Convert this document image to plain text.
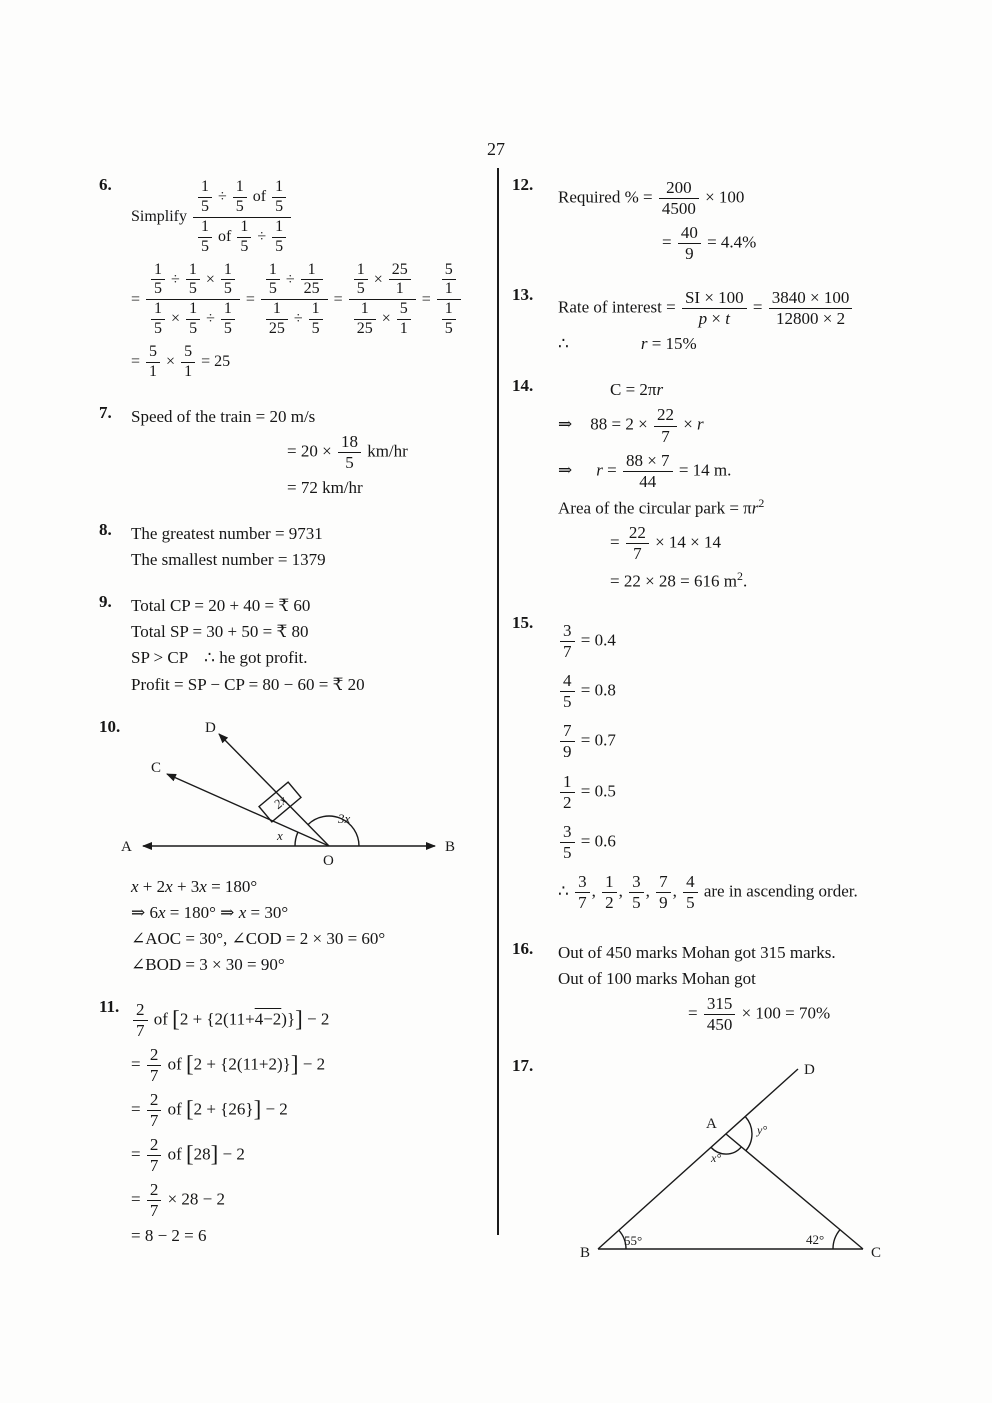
27
6.
Simplify $\frac{\frac{1}{5} \div \frac{1}{5} of \frac{1}{5}}{\frac{1}{5} of \frac{1}{5} \div \frac{1}{5}}$
= $\frac{\frac{1}{5} \div \frac{1}{5} \times \frac{1}{5}}{\frac{1}{5} \times \frac{1}{5} \div \frac{1}{5}} = \frac{\frac{1}{5} \div \frac{1}{25}}{\frac{1}{25} \div \frac{1}{5}} = \frac{\frac{1}{5} \times \frac{25}{1}}{\frac{1}{25} \times \frac{5}{1}} = \frac{\frac{5}{1}}{\frac{1}{5}}$
= $\frac{5}{1} \times \frac{5}{1} = 25$
7.	Speed of the train = 20 m/s
= $20 \times \frac{18}{5} km/hr$
= 72 km/hr
8.	The greatest number = 9731
The smallest number = 1379
9.	Total CP = 20 + 40 = ₹ 60
Total SP = 30 + 50 = ₹ 80
SP > CP ∴ he got profit.
Profit = SP − CP = 80 − 60 = ₹ 20
10.
A	B
C
D
O
x
3x
2x
x + 2x + 3x = 180°
⇒ 6x = 180° ⇒ x = 30°
∠AOC = 30°, ∠COD = 2 × 30 = 60°
∠BOD = 3 × 30 = 90°
11. $\frac{2}{7}$ of [2 + {2(11+4−2)}] − 2
= $\frac{2}{7}$ of [2 + {2(11+2)}] − 2
= $\frac{2}{7}$ of [2 + {26}] − 2
= $\frac{2}{7}$ of [28] − 2
= $\frac{2}{7} \times 28 - 2$
= 8 − 2 = 6
12.
Required % = $\frac{200}{4500} \times 100$
= $\frac{40}{9} = 4.4\%$
13.
Rate of interest = $\frac{SI \times 100}{p \times t} = \frac{3840 \times 100}{12800 \times 2}$
∴	r = 15%
14.	C = 2πr
⇒ $88 = 2 \times \frac{22}{7} \times r$
⇒ $r = \frac{88 \times 7}{44} = 14$ m.
Area of the circular park = $\pi r^2$
= $\frac{22}{7} \times 14 \times 14$
= 22 × 28 = 616 $m^2$.
15.	$\frac{3}{7} = 0.4$
$\frac{4}{5} = 0.8$
$\frac{7}{9} = 0.7$
$\frac{1}{2} = 0.5$
$\frac{3}{5} = 0.6$
∴ $\frac{3}{7}$ , $\frac{1}{2}$ , $\frac{3}{5}$ , $\frac{7}{9}$ , $\frac{4}{5}$ are in ascending order.
16.	Out of 450 marks Mohan got 315 marks.
Out of 100 marks Mohan got
= $\frac{315}{450} \times 100 = 70\%$
17.
B	C
A
D
55°	42°
x°
y°
